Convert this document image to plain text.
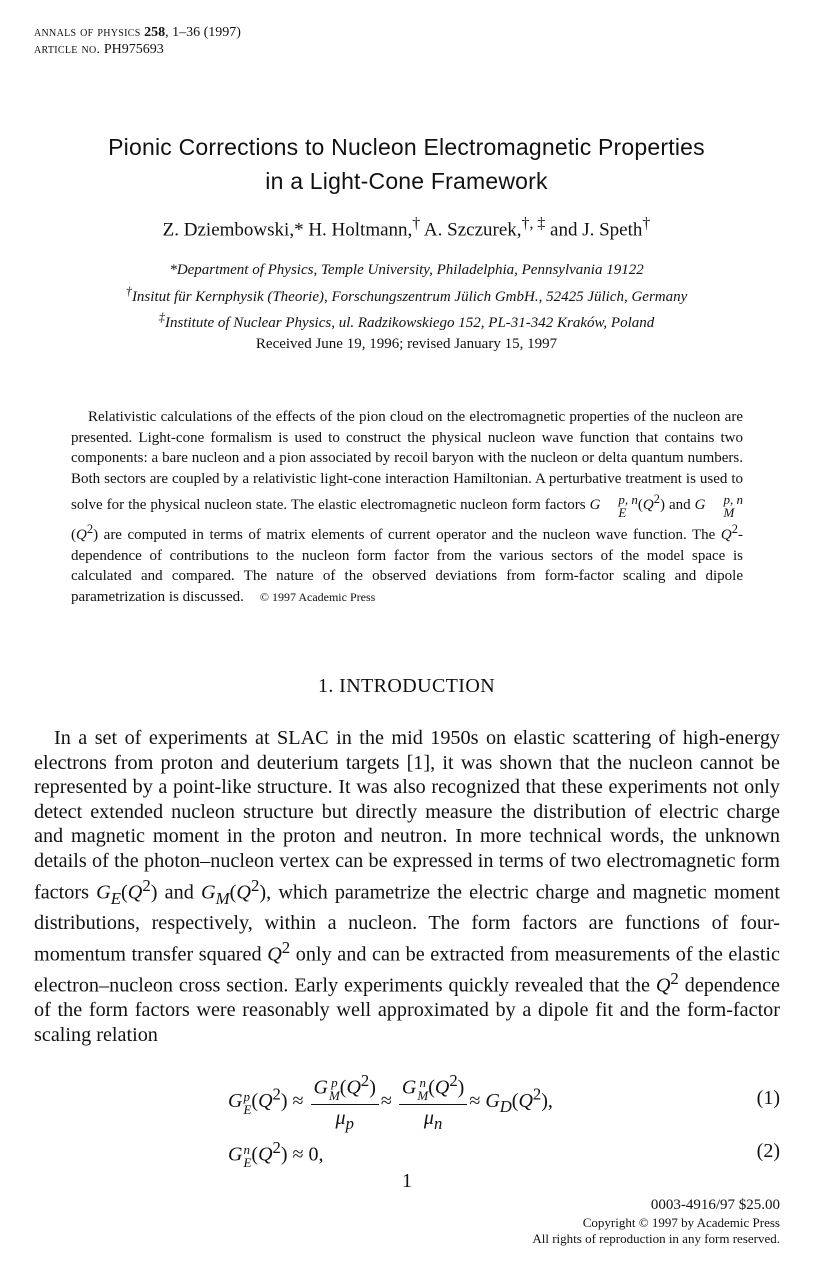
annals of physics 258, 1–36 (1997)
article no. PH975693
Pionic Corrections to Nucleon Electromagnetic Properties
in a Light-Cone Framework
Z. Dziembowski,* H. Holtmann,† A. Szczurek,†, ‡ and J. Speth†
*Department of Physics, Temple University, Philadelphia, Pennsylvania 19122
†Insitut für Kernphysik (Theorie), Forschungszentrum Jülich GmbH., 52425 Jülich, Germany
‡Institute of Nuclear Physics, ul. Radzikowskiego 152, PL-31-342 Kraków, Poland
Received June 19, 1996; revised January 15, 1997

Relativistic calculations of the effects of the pion cloud on the electromagnetic properties of the nucleon are presented. Light-cone formalism is used to construct the physical nucleon wave function that contains two components: a bare nucleon and a pion associated by recoil baryon with the nucleon or delta quantum numbers. Both sectors are coupled by a relativistic light-cone interaction Hamiltonian. A perturbative treatment is used to solve for the physical nucleon state. The elastic electromagnetic nucleon form factors G	p, n
E $(Q^2)$ and G	p, n
M
$(Q^2)$ are computed in terms of matrix elements of current operator and the nucleon wave function. The $Q^2$-dependence of contributions to the nucleon form factor from the various sectors of the model space is calculated and compared. The nature of the observed deviations from form-factor scaling and dipole parametrization is discussed. © 1997 Academic Press

1. INTRODUCTION

In a set of experiments at SLAC in the mid 1950s on elastic scattering of high-energy electrons from proton and deuterium targets [1], it was shown that the nucleon cannot be represented by a point-like structure. It was also recognized that these experiments not only detect extended nucleon structure but directly measure the distribution of electric charge and magnetic moment in the proton and neutron. In more technical words, the unknown details of the photon–nucleon vertex can be expressed in terms of two electromagnetic form factors $G_E(Q^2)$ and $G_M(Q^2)$, which parametrize the electric charge and magnetic moment distributions, respectively, within a nucleon. The form factors are functions of four-momentum transfer squared $Q^2$ only and can be extracted from measurements of the elastic electron–nucleon cross section. Early experiments quickly revealed that the $Q^2$ dependence of the form factors were reasonably well approximated by a dipole fit and the form-factor scaling relation

G p
E $(Q^2) \approx G$ p
M $(Q^2)$
$\mu_p \approx G$ n
M $(Q^2)$
$\mu_n \approx G_D(Q^2)$,	(1)
G n
E $(Q^2) \approx 0$,	(2)
1
0003-4916/97 $25.00
Copyright © 1997 by Academic Press
All rights of reproduction in any form reserved.
